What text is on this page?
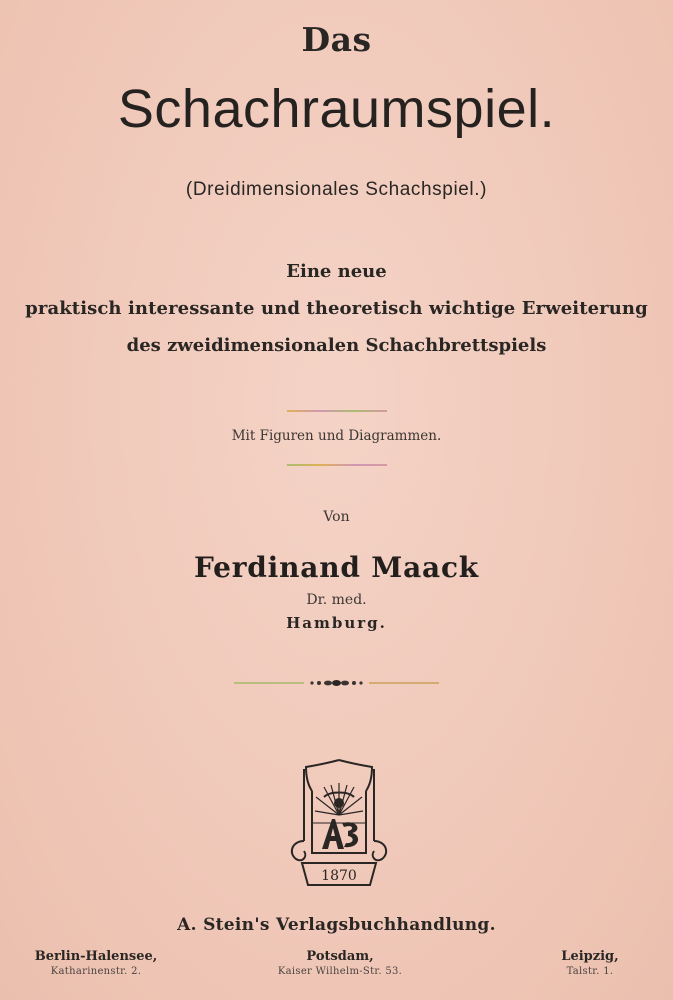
Das
Schachraumspiel.
(Dreidimensionales Schachspiel.)
Eine neue
praktisch interessante und theoretisch wichtige Erweiterung
des zweidimensionalen Schachbrettspiels
Mit Figuren und Diagrammen.
Von
Ferdinand Maack
Dr. med.
Hamburg.
1870
A. Stein's Verlagsbuchhandlung.
Berlin-Halensee,
Katharinenstr. 2.
Potsdam,
Kaiser Wilhelm-Str. 53.
Leipzig,
Talstr. 1.
